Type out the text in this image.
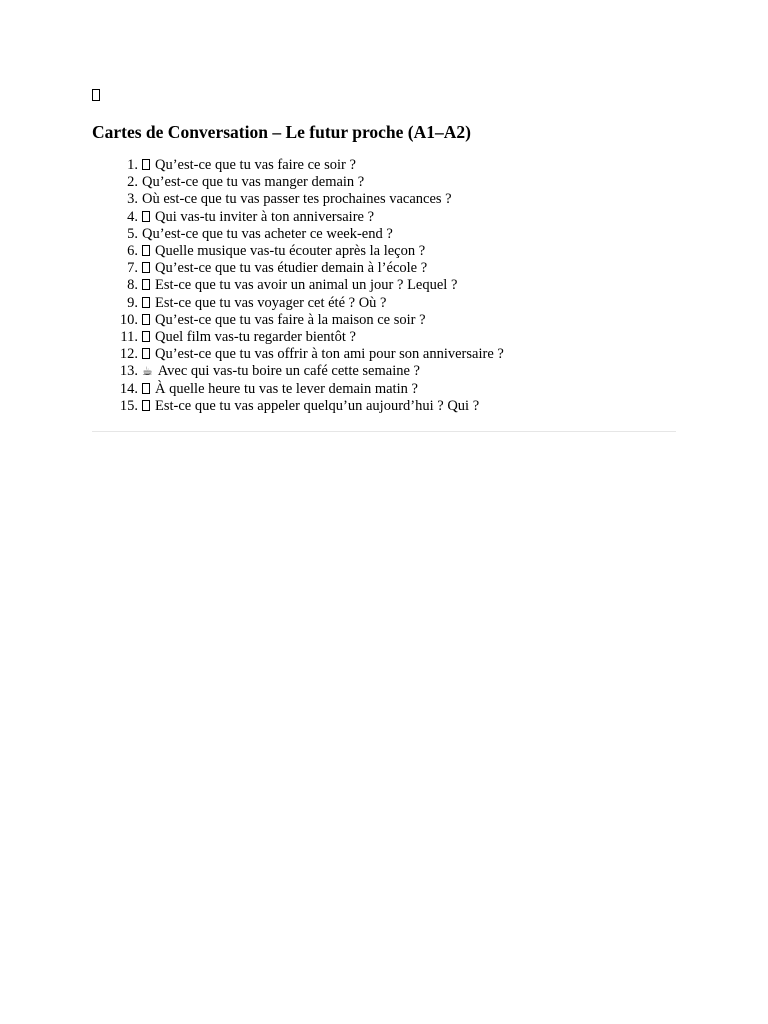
Cartes de Conversation – Le futur proche (A1–A2)
1.	Qu’est-ce que tu vas faire ce soir ?
2. Qu’est-ce que tu vas manger demain ?
3. Où est-ce que tu vas passer tes prochaines vacances ?
4.	Qui vas-tu inviter à ton anniversaire ?
5. Qu’est-ce que tu vas acheter ce week-end ?
6.	Quelle musique vas-tu écouter après la leçon ?
7.	Qu’est-ce que tu vas étudier demain à l’école ?
8.	Est-ce que tu vas avoir un animal un jour ? Lequel ?
9.	Est-ce que tu vas voyager cet été ? Où ?
10.	Qu’est-ce que tu vas faire à la maison ce soir ?
11.	Quel film vas-tu regarder bientôt ?
12.	Qu’est-ce que tu vas offrir à ton ami pour son anniversaire ?
13. ☕ Avec qui vas-tu boire un café cette semaine ?
14.	À quelle heure tu vas te lever demain matin ?
15.	Est-ce que tu vas appeler quelqu’un aujourd’hui ? Qui ?
